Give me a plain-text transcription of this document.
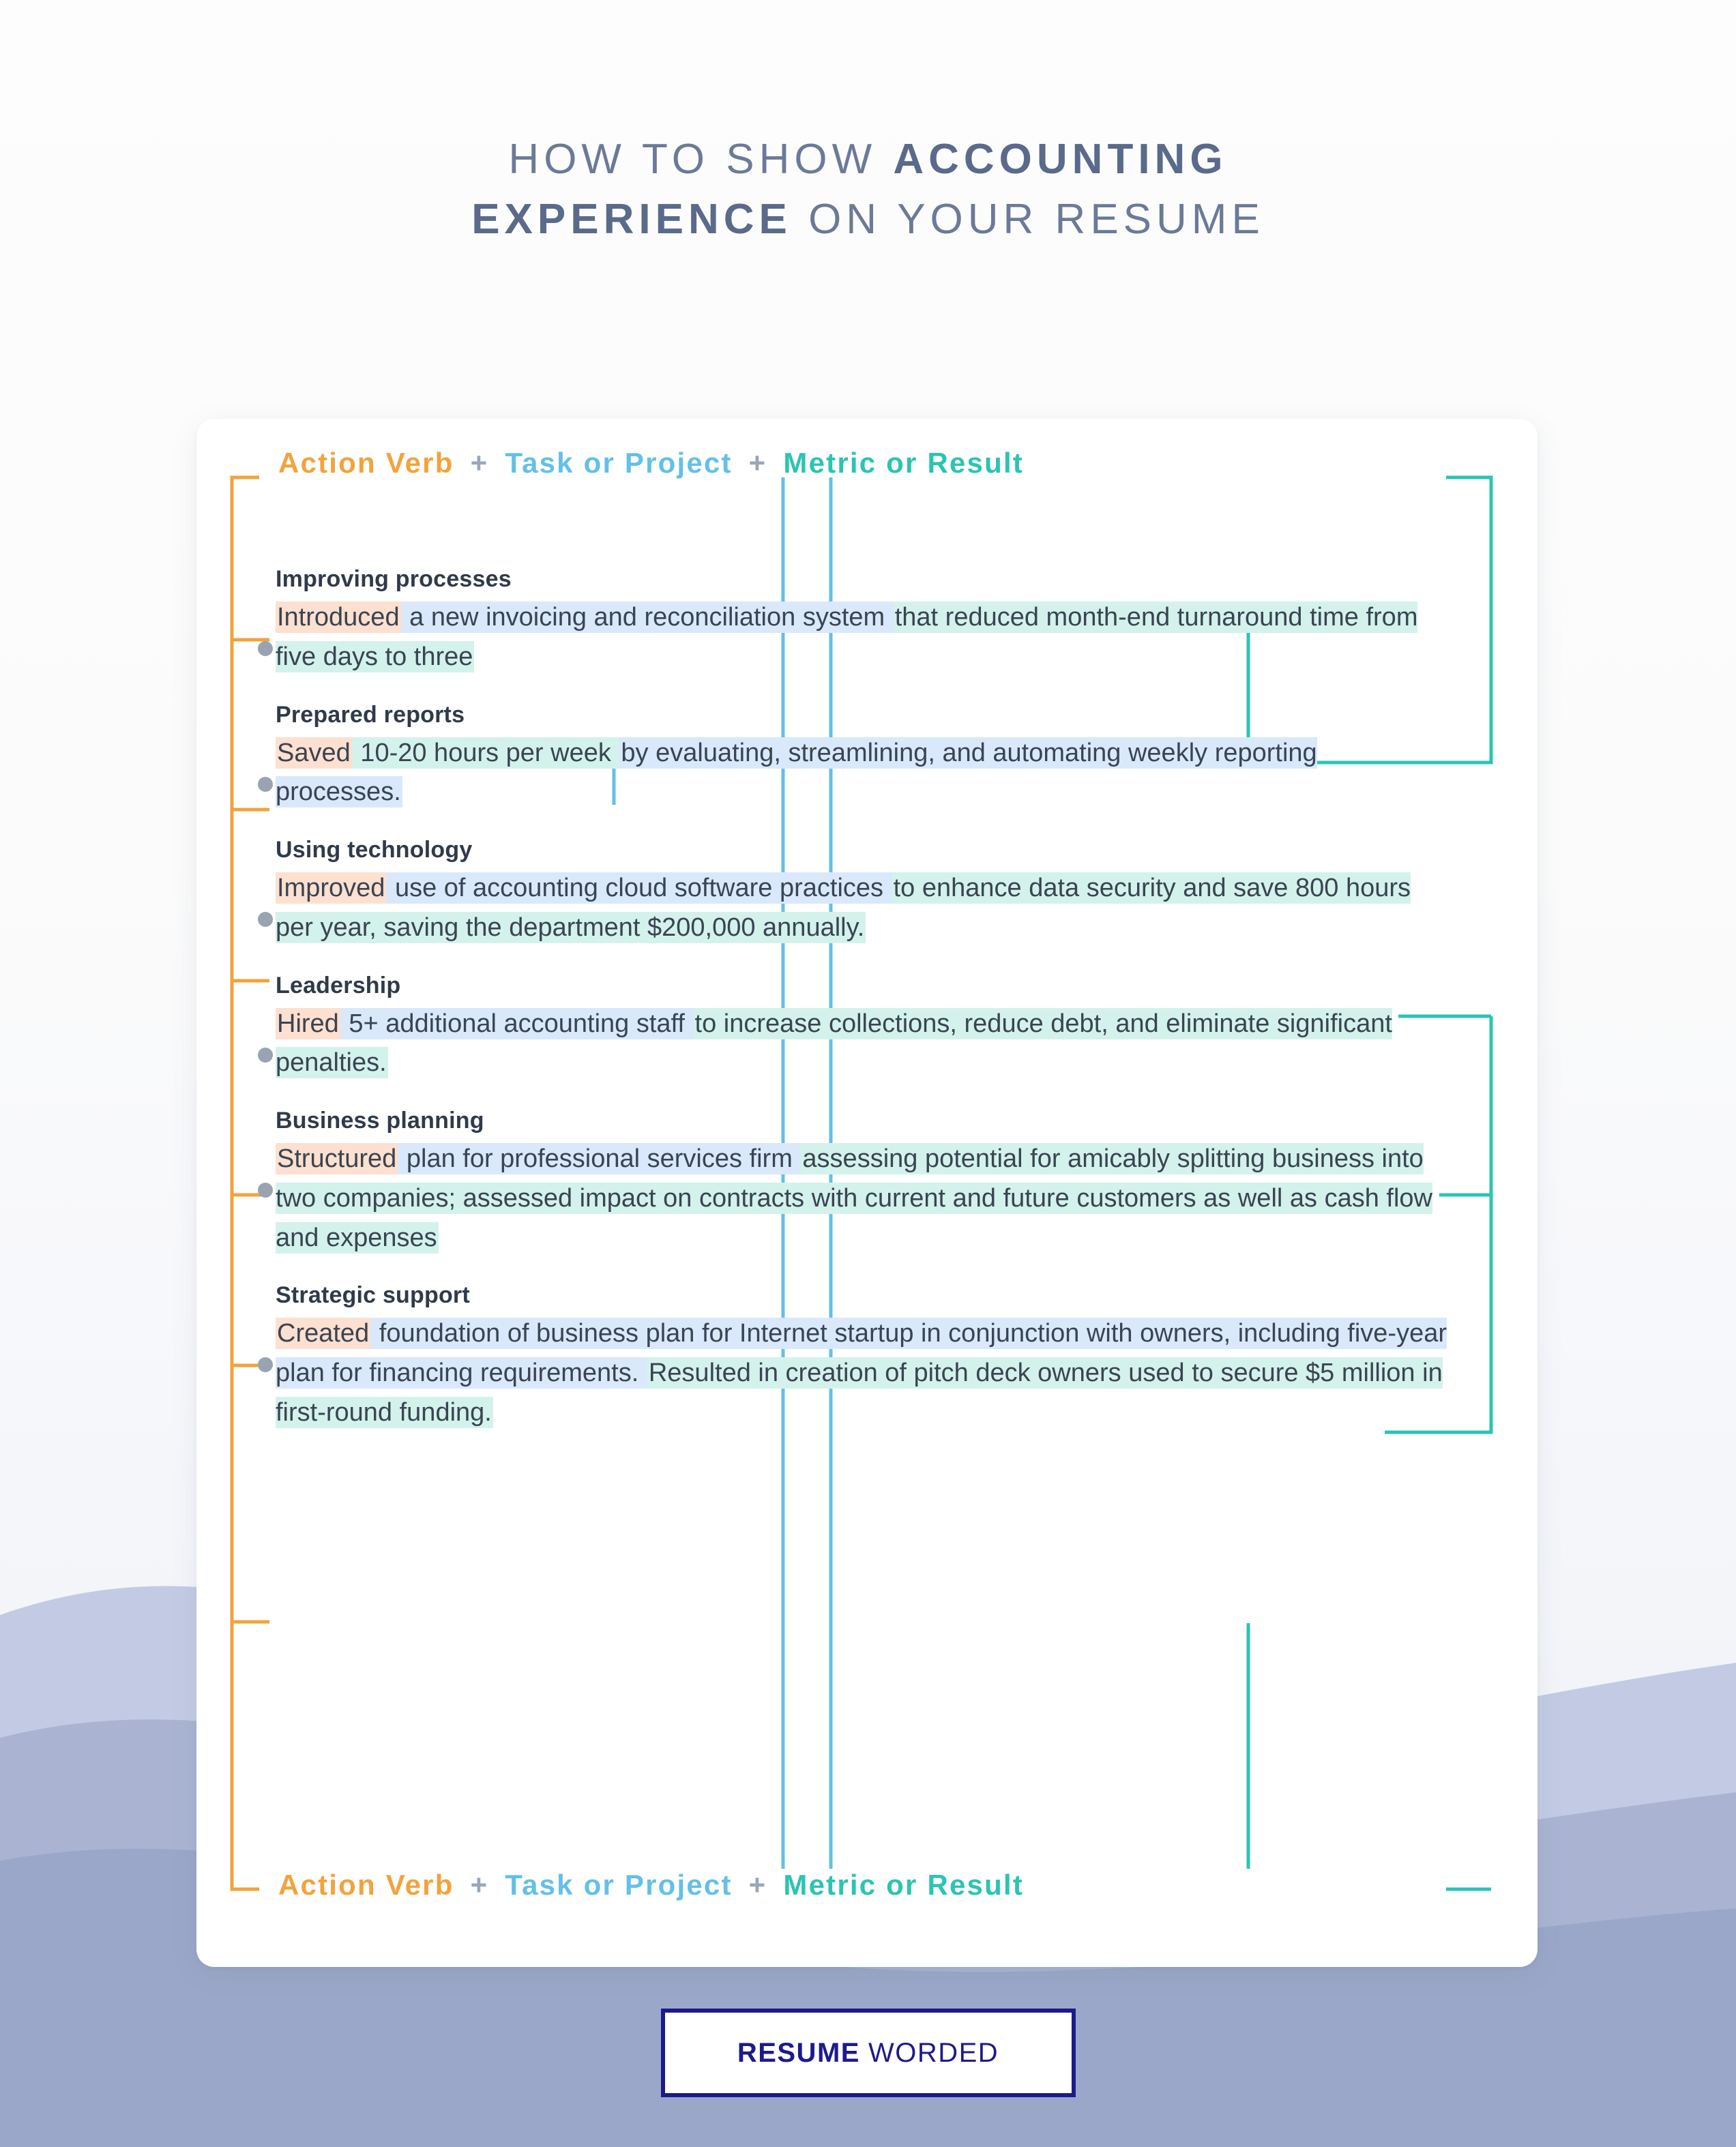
HOW TO SHOW ACCOUNTING
EXPERIENCE ON YOUR RESUME
Action Verb + Task or Project + Metric or Result
Improving processes
Introduced a new invoicing and reconciliation system that reduced month-end turnaround time from five days to three
Prepared reports
Saved 10-20 hours per week by evaluating, streamlining, and automating weekly reporting processes.
Using technology
Improved use of accounting cloud software practices to enhance data security and save 800 hours per year, saving the department $200,000 annually.
Leadership
Hired 5+ additional accounting staff to increase collections, reduce debt, and eliminate significant penalties.
Business planning
Structured plan for professional services firm assessing potential for amicably splitting business into two companies; assessed impact on contracts with current and future customers as well as cash flow and expenses
Strategic support
Created foundation of business plan for Internet startup in conjunction with owners, including five-year plan for financing requirements. Resulted in creation of pitch deck owners used to secure $5 million in first-round funding.
Action Verb + Task or Project + Metric or Result
RESUME WORDED
